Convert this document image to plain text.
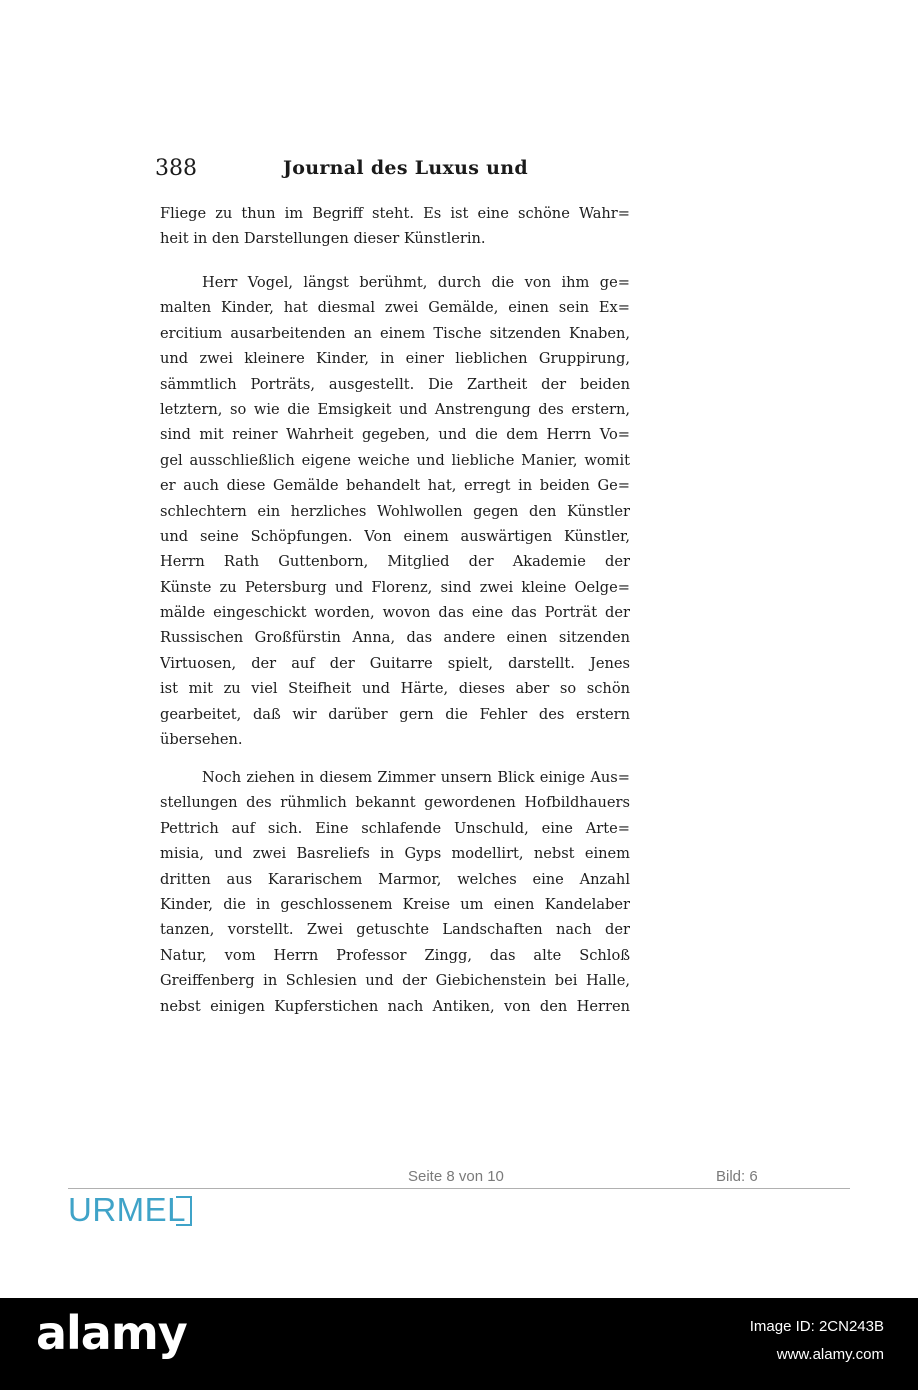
388	Journal des Luxus und
Fliege zu thun im Begriff steht. Es ist eine schöne Wahr=
heit in den Darstellungen dieser Künstlerin.
Herr Vogel, längst berühmt, durch die von ihm ge=
malten Kinder, hat diesmal zwei Gemälde, einen sein Ex=
ercitium ausarbeitenden an einem Tische sitzenden Knaben,
und zwei kleinere Kinder, in einer lieblichen Gruppirung,
sämmtlich Porträts, ausgestellt. Die Zartheit der beiden
letztern, so wie die Emsigkeit und Anstrengung des erstern,
sind mit reiner Wahrheit gegeben, und die dem Herrn Vo=
gel ausschließlich eigene weiche und liebliche Manier, womit
er auch diese Gemälde behandelt hat, erregt in beiden Ge=
schlechtern ein herzliches Wohlwollen gegen den Künstler
und seine Schöpfungen. Von einem auswärtigen Künstler,
Herrn Rath Guttenborn, Mitglied der Akademie der
Künste zu Petersburg und Florenz, sind zwei kleine Oelge=
mälde eingeschickt worden, wovon das eine das Porträt der
Russischen Großfürstin Anna, das andere einen sitzenden
Virtuosen, der auf der Guitarre spielt, darstellt. Jenes
ist mit zu viel Steifheit und Härte, dieses aber so schön
gearbeitet, daß wir darüber gern die Fehler des erstern
übersehen.
Noch ziehen in diesem Zimmer unsern Blick einige Aus=
stellungen des rühmlich bekannt gewordenen Hofbildhauers
Pettrich auf sich. Eine schlafende Unschuld, eine Arte=
misia, und zwei Basreliefs in Gyps modellirt, nebst einem
dritten aus Kararischem Marmor, welches eine Anzahl
Kinder, die in geschlossenem Kreise um einen Kandelaber
tanzen, vorstellt. Zwei getuschte Landschaften nach der
Natur, vom Herrn Professor Zingg, das alte Schloß
Greiffenberg in Schlesien und der Giebichenstein bei Halle,
nebst einigen Kupferstichen nach Antiken, von den Herren
Seite 8 von 10	Bild: 6
URMEL
alamy	Image ID: 2CN243B
www.alamy.com
